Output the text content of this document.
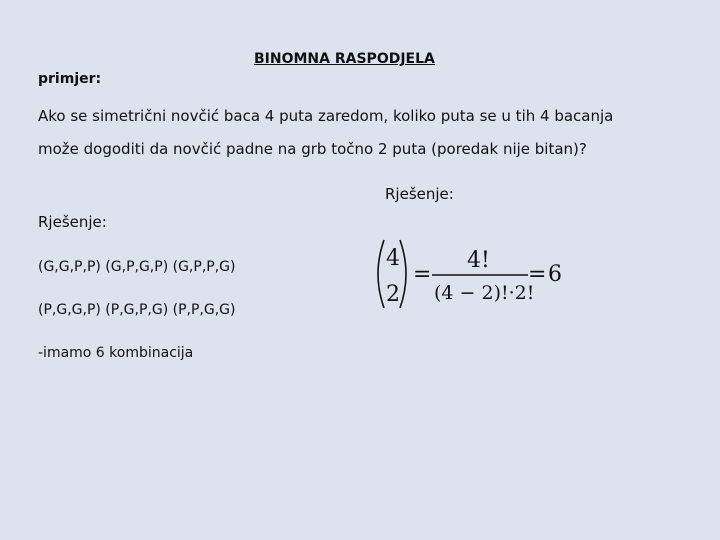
BINOMNA RASPODJELA
primjer:
Ako se simetrični novčić baca 4 puta zaredom, koliko puta se u tih 4 bacanja
može dogoditi da novčić padne na grb točno 2 puta (poredak nije bitan)?
Rješenje:
Rješenje:
(G,G,P,P) (G,P,G,P) (G,P,P,G)
(P,G,G,P) (P,G,P,G) (P,P,G,G)
-imamo 6 kombinacija
4
2
=
4!
(4 − 2)!·2!
= 6
